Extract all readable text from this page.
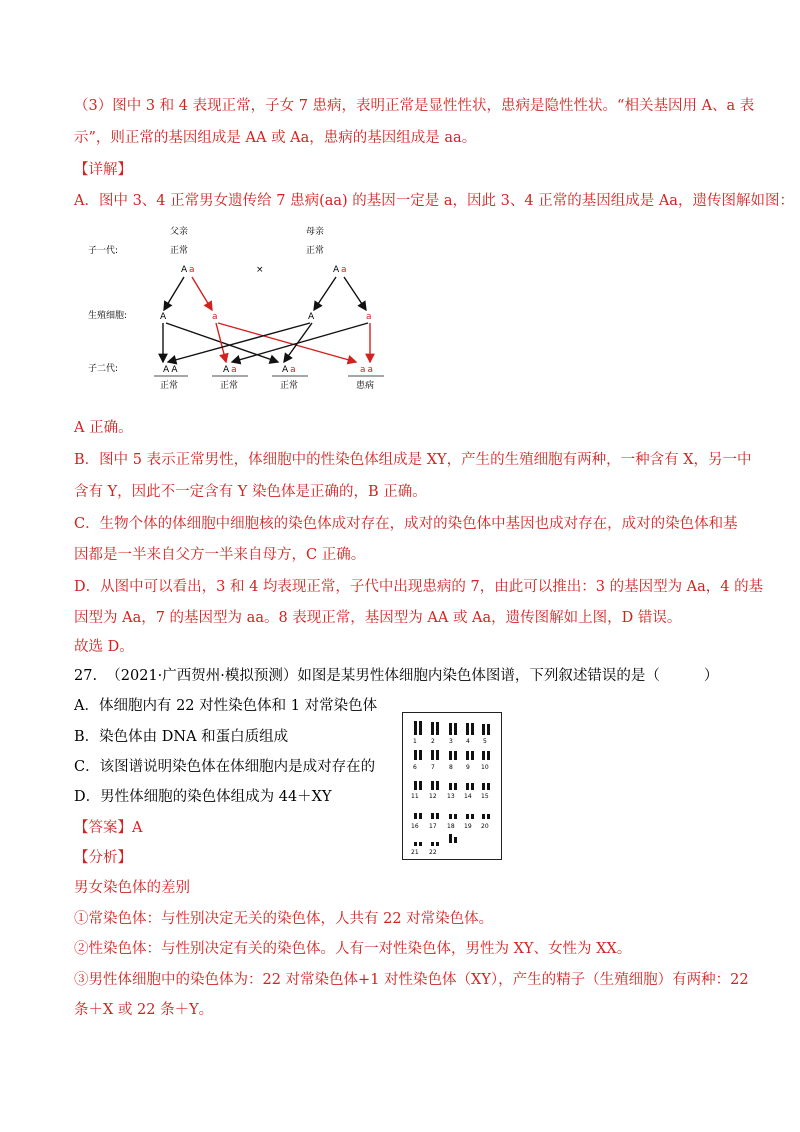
（3）图中 3 和 4 表现正常，子女 7 患病，表明正常是显性性状，患病是隐性性状。“相关基因用 A、a 表
示”，则正常的基因组成是 AA 或 Aa，患病的基因组成是 aa。
【详解】
A．图中 3、4 正常男女遗传给 7 患病(aa) 的基因一定是 a，因此 3、4 正常的基因组成是 Aa，遗传图解如图：
父亲	母亲
子一代:	正常	正常
×
A a	A a
生殖细胞:	A	a	A	a
子二代:	A A	A a	A a	a a
正常	正常	正常	患病
A 正确。
B．图中 5 表示正常男性，体细胞中的性染色体组成是 XY，产生的生殖细胞有两种，一种含有 X，另一中
含有 Y，因此不一定含有 Y 染色体是正确的，B 正确。
C．生物个体的体细胞中细胞核的染色体成对存在，成对的染色体中基因也成对存在，成对的染色体和基
因都是一半来自父方一半来自母方，C 正确。
D．从图中可以看出，3 和 4 均表现正常，子代中出现患病的 7，由此可以推出：3 的基因型为 Aa，4 的基
因型为 Aa，7 的基因型为 aa。8 表现正常，基因型为 AA 或 Aa，遗传图解如上图，D 错误。
故选 D。
27. （2021·广西贺州·模拟预测）如图是某男性体细胞内染色体图谱，下列叙述错误的是（	）
A．体细胞内有 22 对性染色体和 1 对常染色体
B．染色体由 DNA 和蛋白质组成
C．该图谱说明染色体在体细胞内是成对存在的
D．男性体细胞的染色体组成为 44＋XY
【答案】A
【分析】
男女染色体的差别
①常染色体：与性别决定无关的染色体，人共有 22 对常染色体。
②性染色体：与性别决定有关的染色体。人有一对性染色体，男性为 XY、女性为 XX。
③男性体细胞中的染色体为：22 对常染色体+1 对性染色体（XY），产生的精子（生殖细胞）有两种：22
条＋X 或 22 条＋Y。
1 2 3 4 5
6 7 8 9 10
11 12 13 14 15
16 17 18 19 20
21 22
